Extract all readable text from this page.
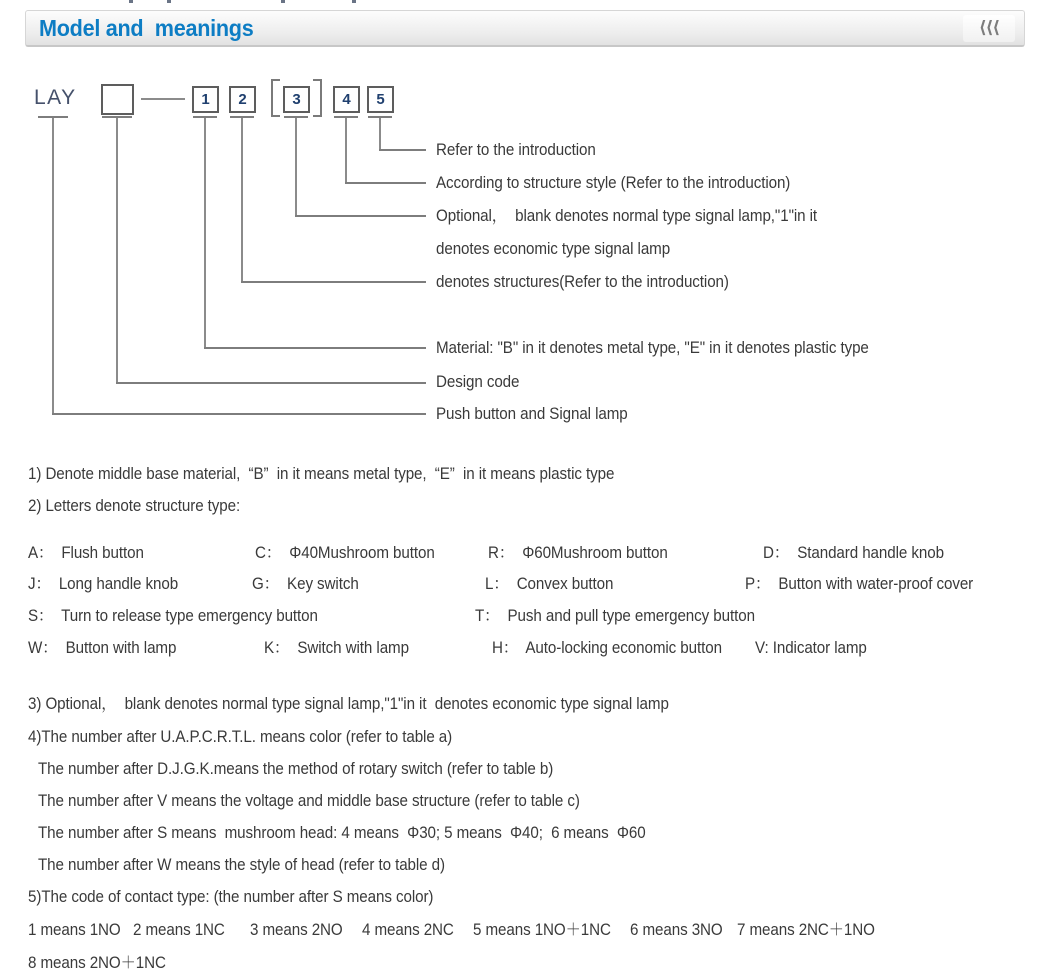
Model and  meanings	⟨⟨⟨
LAY	1	2	3	4	5
Refer to the introduction
According to structure style (Refer to the introduction)
Optional，  blank denotes normal type signal lamp,"1"in it
denotes economic type signal lamp
denotes structures(Refer to the introduction)
Material: "B" in it denotes metal type, "E" in it denotes plastic type
Design code
Push button and Signal lamp
1) Denote middle base material,  “B”  in it means metal type,  “E”  in it means plastic type
2) Letters denote structure type:
A：  Flush button	C：  Φ40Mushroom button	R：  Φ60Mushroom button	D：  Standard handle knob
J：  Long handle knob	G：  Key switch	L：  Convex button	P：  Button with water-proof cover
S：  Turn to release type emergency button	T：  Push and pull type emergency button
W：  Button with lamp	K：  Switch with lamp	H：  Auto-locking economic button V: Indicator lamp
3) Optional，  blank denotes normal type signal lamp,"1"in it  denotes economic type signal lamp
4)The number after U.A.P.C.R.T.L. means color (refer to table a)
The number after D.J.G.K.means the method of rotary switch (refer to table b)
The number after V means the voltage and middle base structure (refer to table c)
The number after S means  mushroom head: 4 means  Φ30; 5 means  Φ40;  6 means  Φ60
The number after W means the style of head (refer to table d)
5)The code of contact type: (the number after S means color)
1 means 1NO 2 means 1NC 3 means 2NO 4 means 2NC 5 means 1NO＋1NC 6 means 3NO 7 means 2NC＋1NO
8 means 2NO＋1NC
